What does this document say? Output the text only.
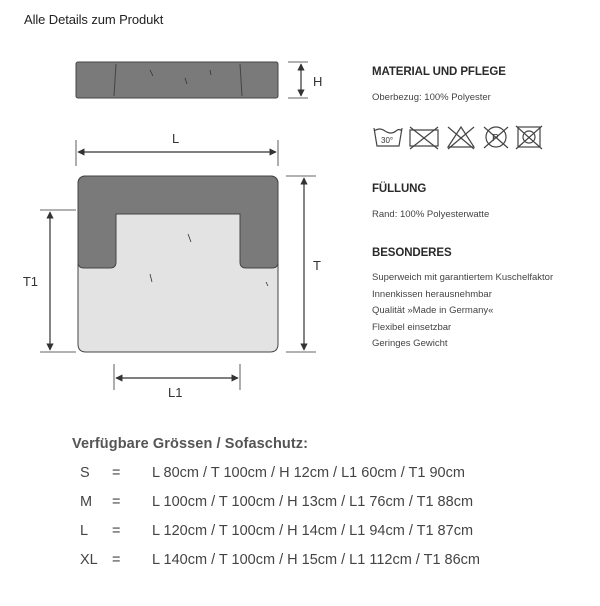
Alle Details zum Produkt
H
L
T
T1
L1
MATERIAL UND PFLEGE
Oberbezug: 100% Polyester
30°	P
FÜLLUNG
Rand: 100% Polyesterwatte
BESONDERES
Superweich mit garantiertem Kuschelfaktor
Innenkissen herausnehmbar
Qualität »Made in Germany«
Flexibel einsetzbar
Geringes Gewicht
Verfügbare Grössen / Sofaschutz:
S = L 80cm / T 100cm / H 12cm / L1 60cm / T1 90cm
M = L 100cm / T 100cm / H 13cm / L1 76cm / T1 88cm
L = L 120cm / T 100cm / H 14cm / L1 94cm / T1 87cm
XL = L 140cm / T 100cm / H 15cm / L1 112cm / T1 86cm
